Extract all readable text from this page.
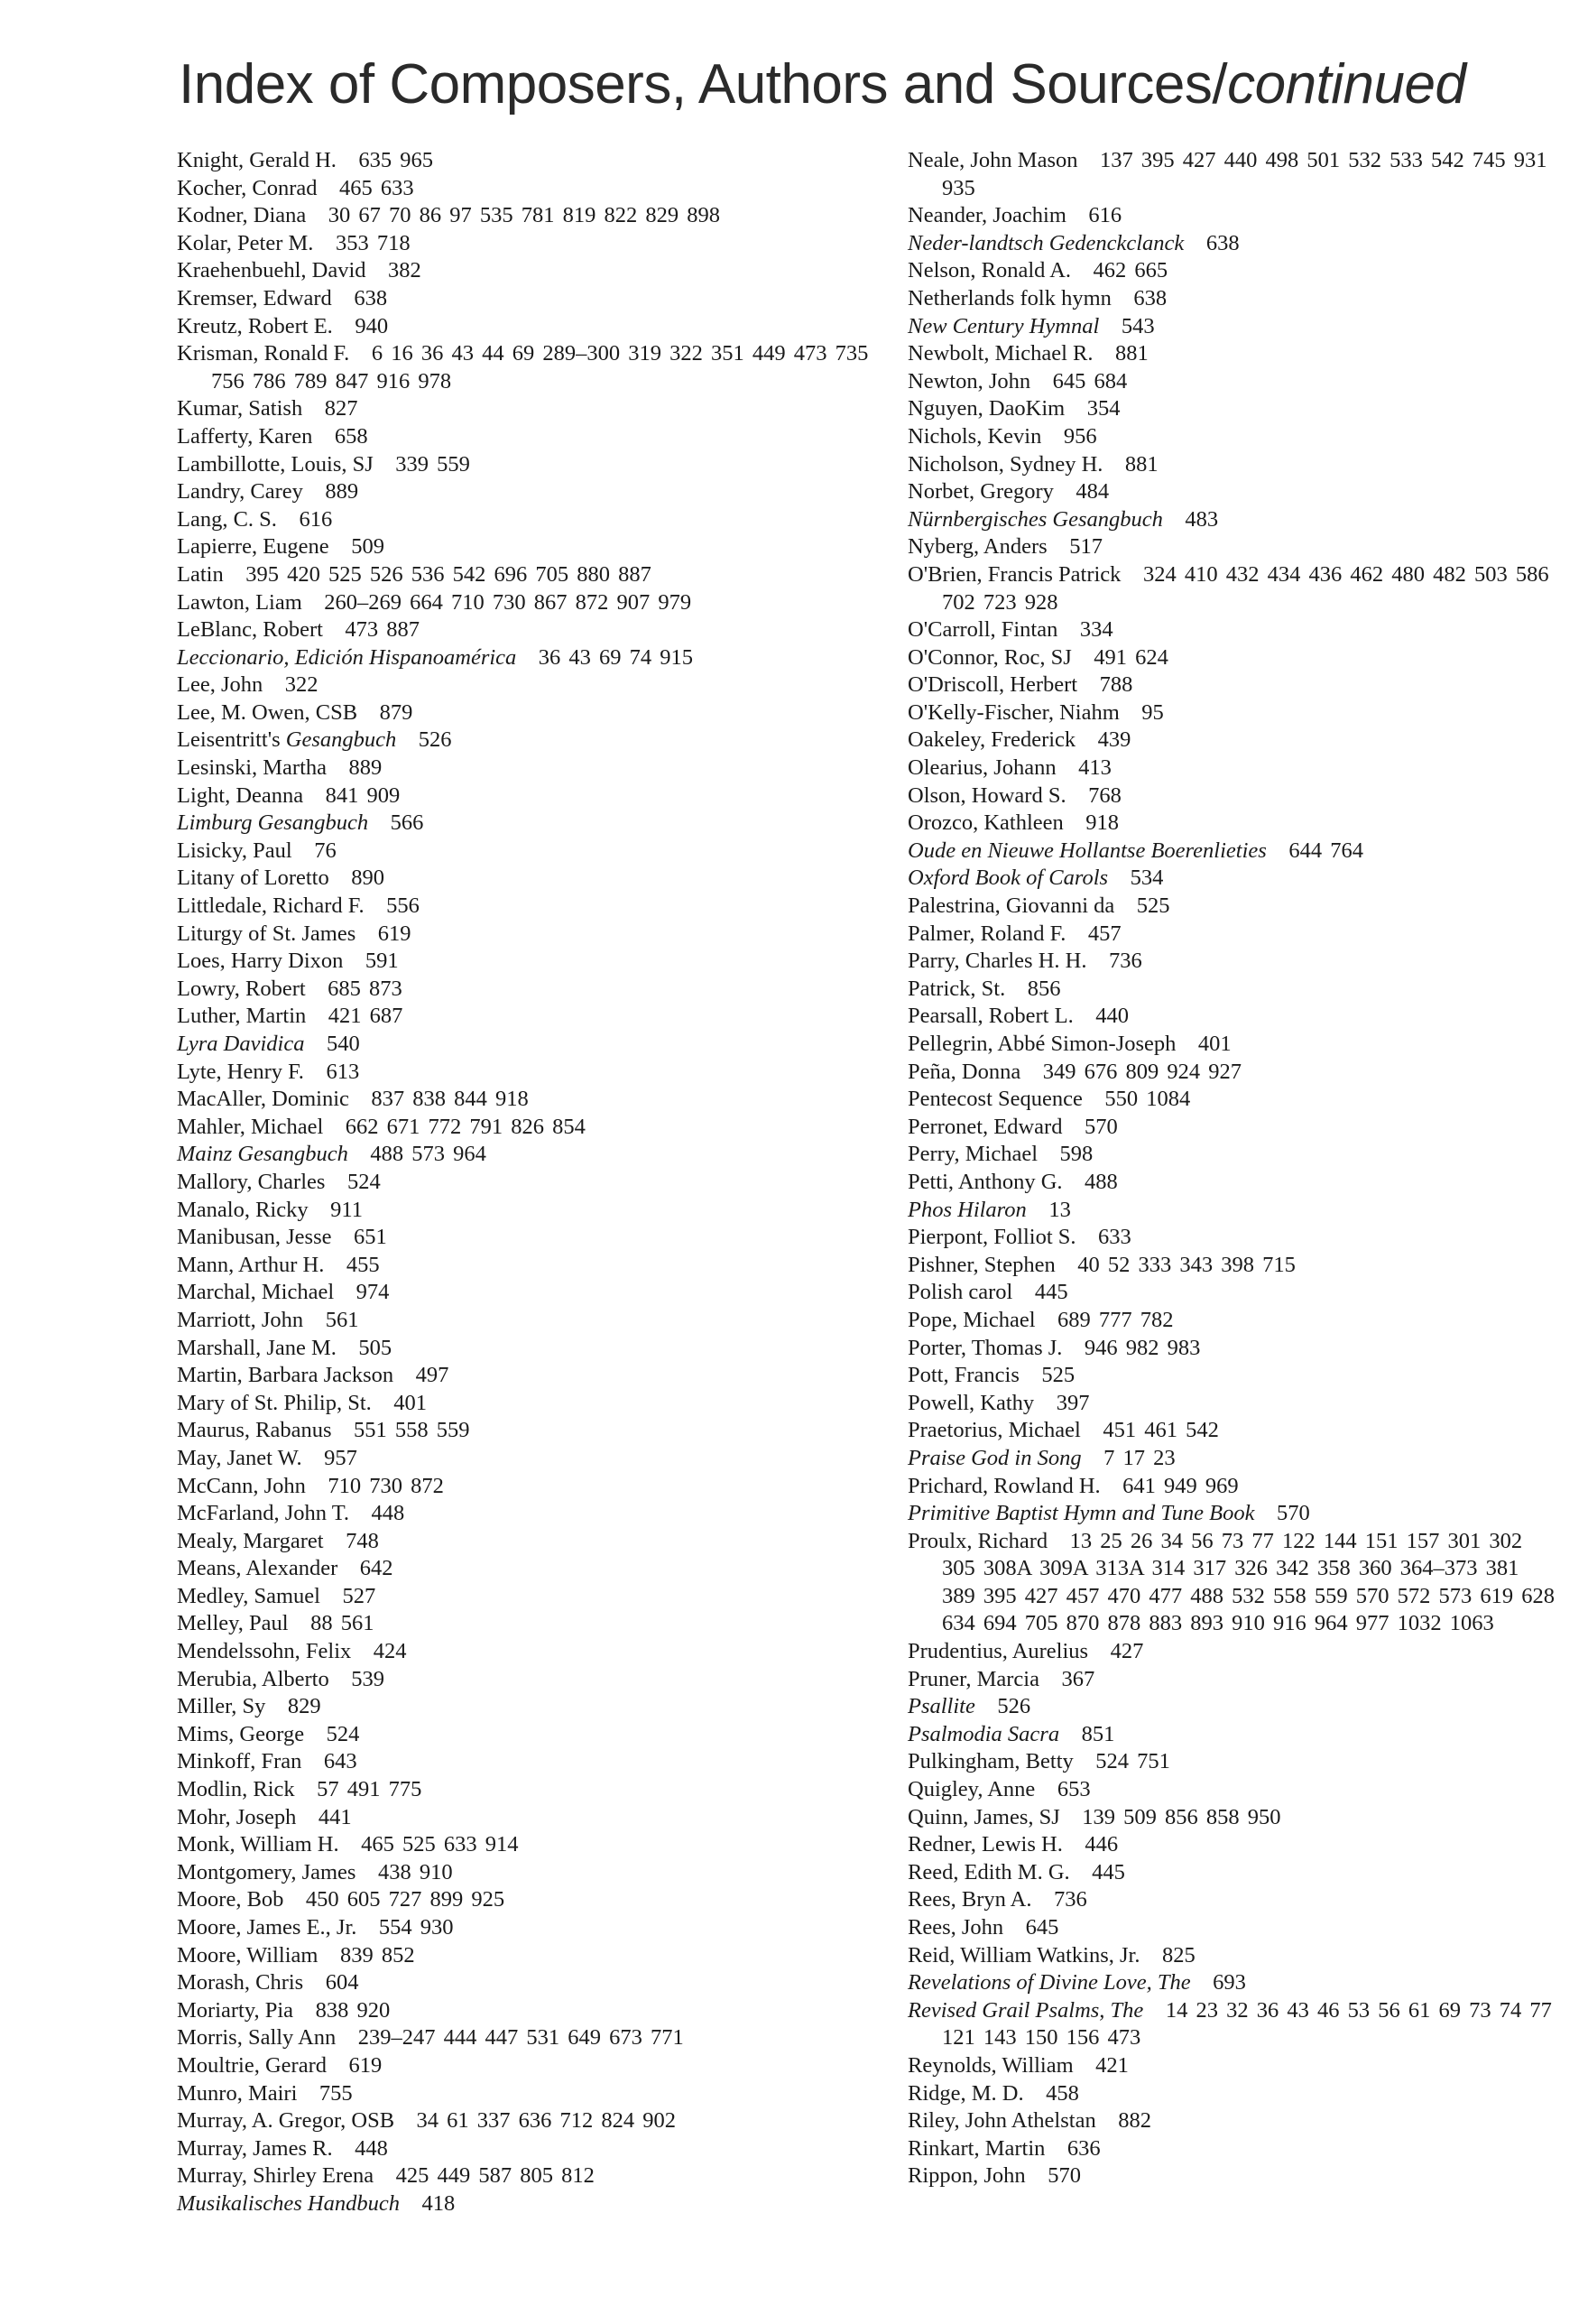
Index of Composers, Authors and Sources/continued
Knight, Gerald H.  635 965
Kocher, Conrad  465 633
Kodner, Diana  30 67 70 86 97 535 781 819 822 829 898
Kolar, Peter M.  353 718
Kraehenbuehl, David  382
Kremser, Edward  638
Kreutz, Robert E.  940
Krisman, Ronald F.  6 16 36 43 44 69 289–300 319 322 351 449 473 735 756 786 789 847 916 978
Kumar, Satish  827
Lafferty, Karen  658
Lambillotte, Louis, SJ  339 559
Landry, Carey  889
Lang, C. S.  616
Lapierre, Eugene  509
Latin  395 420 525 526 536 542 696 705 880 887
Lawton, Liam  260–269 664 710 730 867 872 907 979
LeBlanc, Robert  473 887
Leccionario, Edición Hispanoamérica  36 43 69 74 915
Lee, John  322
Lee, M. Owen, CSB  879
Leisentritt's Gesangbuch  526
Lesinski, Martha  889
Light, Deanna  841 909
Limburg Gesangbuch  566
Lisicky, Paul  76
Litany of Loretto  890
Littledale, Richard F.  556
Liturgy of St. James  619
Loes, Harry Dixon  591
Lowry, Robert  685 873
Luther, Martin  421 687
Lyra Davidica  540
Lyte, Henry F.  613
MacAller, Dominic  837 838 844 918
Mahler, Michael  662 671 772 791 826 854
Mainz Gesangbuch  488 573 964
Mallory, Charles  524
Manalo, Ricky  911
Manibusan, Jesse  651
Mann, Arthur H.  455
Marchal, Michael  974
Marriott, John  561
Marshall, Jane M.  505
Martin, Barbara Jackson  497
Mary of St. Philip, St.  401
Maurus, Rabanus  551 558 559
May, Janet W.  957
McCann, John  710 730 872
McFarland, John T.  448
Mealy, Margaret  748
Means, Alexander  642
Medley, Samuel  527
Melley, Paul  88 561
Mendelssohn, Felix  424
Merubia, Alberto  539
Miller, Sy  829
Mims, George  524
Minkoff, Fran  643
Modlin, Rick  57 491 775
Mohr, Joseph  441
Monk, William H.  465 525 633 914
Montgomery, James  438 910
Moore, Bob  450 605 727 899 925
Moore, James E., Jr.  554 930
Moore, William  839 852
Morash, Chris  604
Moriarty, Pia  838 920
Morris, Sally Ann  239–247 444 447 531 649 673 771
Moultrie, Gerard  619
Munro, Mairi  755
Murray, A. Gregor, OSB  34 61 337 636 712 824 902
Murray, James R.  448
Murray, Shirley Erena  425 449 587 805 812
Musikalisches Handbuch  418
Neale, John Mason  137 395 427 440 498 501 532 533 542 745 931 935
Neander, Joachim  616
Neder-landtsch Gedenckclanck  638
Nelson, Ronald A.  462 665
Netherlands folk hymn  638
New Century Hymnal  543
Newbolt, Michael R.  881
Newton, John  645 684
Nguyen, DaoKim  354
Nichols, Kevin  956
Nicholson, Sydney H.  881
Norbet, Gregory  484
Nürnbergisches Gesangbuch  483
Nyberg, Anders  517
O'Brien, Francis Patrick  324 410 432 434 436 462 480 482 503 586 702 723 928
O'Carroll, Fintan  334
O'Connor, Roc, SJ  491 624
O'Driscoll, Herbert  788
O'Kelly-Fischer, Niahm  95
Oakeley, Frederick  439
Olearius, Johann  413
Olson, Howard S.  768
Orozco, Kathleen  918
Oude en Nieuwe Hollantse Boerenlieties  644 764
Oxford Book of Carols  534
Palestrina, Giovanni da  525
Palmer, Roland F.  457
Parry, Charles H. H.  736
Patrick, St.  856
Pearsall, Robert L.  440
Pellegrin, Abbé Simon-Joseph  401
Peña, Donna  349 676 809 924 927
Pentecost Sequence  550 1084
Perronet, Edward  570
Perry, Michael  598
Petti, Anthony G.  488
Phos Hilaron  13
Pierpont, Folliot S.  633
Pishner, Stephen  40 52 333 343 398 715
Polish carol  445
Pope, Michael  689 777 782
Porter, Thomas J.  946 982 983
Pott, Francis  525
Powell, Kathy  397
Praetorius, Michael  451 461 542
Praise God in Song  7 17 23
Prichard, Rowland H.  641 949 969
Primitive Baptist Hymn and Tune Book  570
Proulx, Richard  13 25 26 34 56 73 77 122 144 151 157 301 302 305 308A 309A 313A 314 317 326 342 358 360 364–373 381 389 395 427 457 470 477 488 532 558 559 570 572 573 619 628 634 694 705 870 878 883 893 910 916 964 977 1032 1063
Prudentius, Aurelius  427
Pruner, Marcia  367
Psallite  526
Psalmodia Sacra  851
Pulkingham, Betty  524 751
Quigley, Anne  653
Quinn, James, SJ  139 509 856 858 950
Redner, Lewis H.  446
Reed, Edith M. G.  445
Rees, Bryn A.  736
Rees, John  645
Reid, William Watkins, Jr.  825
Revelations of Divine Love, The  693
Revised Grail Psalms, The  14 23 32 36 43 46 53 56 61 69 73 74 77 121 143 150 156 473
Reynolds, William  421
Ridge, M. D.  458
Riley, John Athelstan  882
Rinkart, Martin  636
Rippon, John  570
